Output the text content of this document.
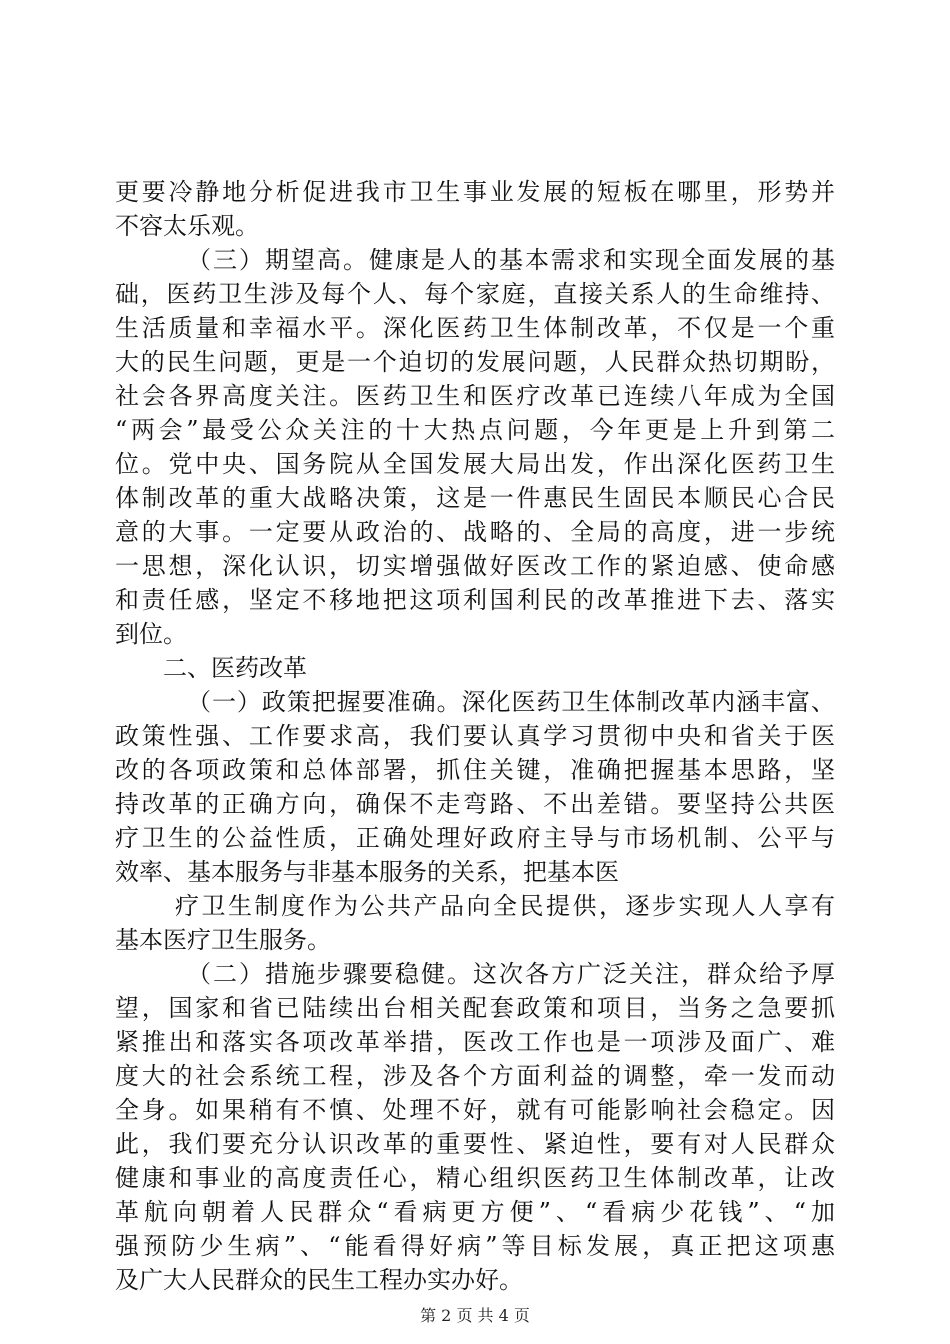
更要冷静地分析促进我市卫生事业发展的短板在哪里，形势并
不容太乐观。
（三）期望高。健康是人的基本需求和实现全面发展的基
础，医药卫生涉及每个人、每个家庭，直接关系人的生命维持、
生活质量和幸福水平。深化医药卫生体制改革，不仅是一个重
大的民生问题，更是一个迫切的发展问题，人民群众热切期盼，
社会各界高度关注。医药卫生和医疗改革已连续八年成为全国
“两会”最受公众关注的十大热点问题，今年更是上升到第二
位。党中央、国务院从全国发展大局出发，作出深化医药卫生
体制改革的重大战略决策，这是一件惠民生固民本顺民心合民
意的大事。一定要从政治的、战略的、全局的高度，进一步统
一思想，深化认识，切实增强做好医改工作的紧迫感、使命感
和责任感，坚定不移地把这项利国利民的改革推进下去、落实
到位。
二、医药改革
（一）政策把握要准确。深化医药卫生体制改革内涵丰富、
政策性强、工作要求高，我们要认真学习贯彻中央和省关于医
改的各项政策和总体部署，抓住关键，准确把握基本思路，坚
持改革的正确方向，确保不走弯路、不出差错。要坚持公共医
疗卫生的公益性质，正确处理好政府主导与市场机制、公平与
效率、基本服务与非基本服务的关系，把基本医
疗卫生制度作为公共产品向全民提供，逐步实现人人享有
基本医疗卫生服务。
（二）措施步骤要稳健。这次各方广泛关注，群众给予厚
望，国家和省已陆续出台相关配套政策和项目，当务之急要抓
紧推出和落实各项改革举措，医改工作也是一项涉及面广、难
度大的社会系统工程，涉及各个方面利益的调整，牵一发而动
全身。如果稍有不慎、处理不好，就有可能影响社会稳定。因
此，我们要充分认识改革的重要性、紧迫性，要有对人民群众
健康和事业的高度责任心，精心组织医药卫生体制改革，让改
革航向朝着人民群众“看病更方便”、“看病少花钱”、“加
强预防少生病”、“能看得好病”等目标发展，真正把这项惠
及广大人民群众的民生工程办实办好。
第 2 页 共 4 页
